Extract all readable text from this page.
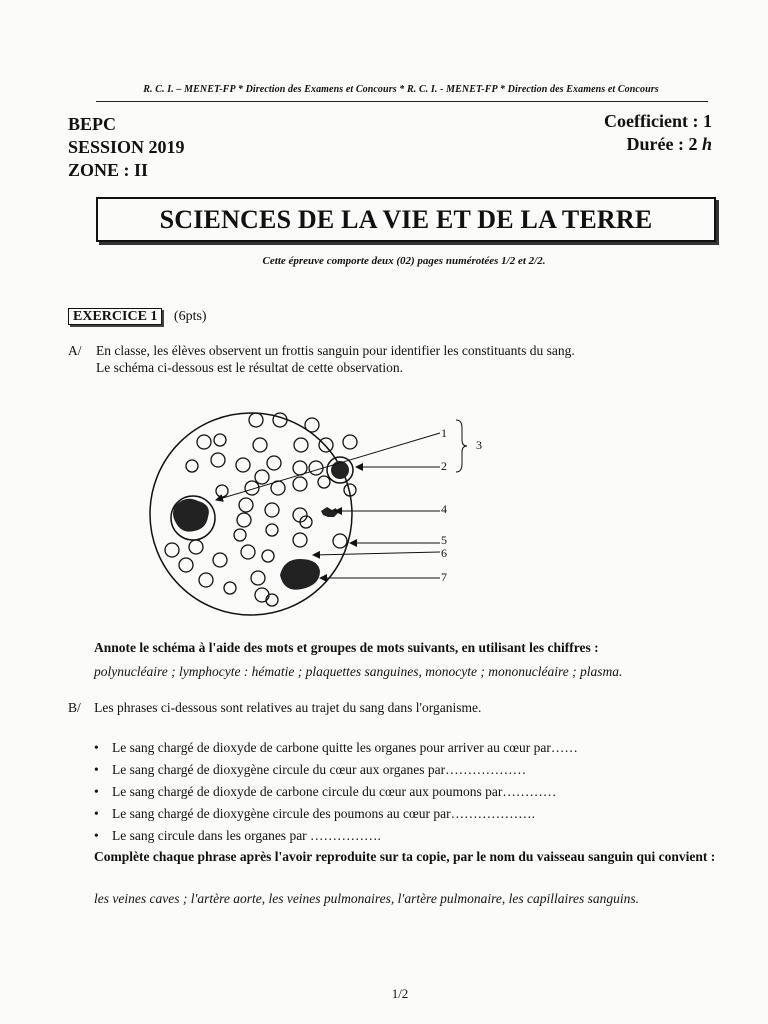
R. C. I. – MENET-FP * Direction des Examens et Concours * R. C. I. - MENET-FP * Direction des Examens et Concours
BEPC
SESSION 2019
ZONE : II
Coefficient : 1
Durée : 2 h
SCIENCES DE LA VIE ET DE LA TERRE
Cette épreuve comporte deux (02) pages numérotées 1/2 et 2/2.
EXERCICE 1 (6pts)
A/	En classe, les élèves observent un frottis sanguin pour identifier les constituants du sang.
Le schéma ci-dessous est le résultat de cette observation.
1
2
3
4
5
6
7
Annote le schéma à l'aide des mots et groupes de mots suivants, en utilisant les chiffres :
polynucléaire ; lymphocyte : hématie ; plaquettes sanguines, monocyte ; mononucléaire ; plasma.
B/ Les phrases ci-dessous sont relatives au trajet du sang dans l'organisme.
• Le sang chargé de dioxyde de carbone quitte les organes pour arriver au cœur par……
• Le sang chargé de dioxygène circule du cœur aux organes par………………
• Le sang chargé de dioxyde de carbone circule du cœur aux poumons par…………
• Le sang chargé de dioxygène circule des poumons au cœur par……………….
• Le sang circule dans les organes par …………….
Complète chaque phrase après l'avoir reproduite sur ta copie, par le nom du vaisseau sanguin qui convient :
les veines caves ; l'artère aorte, les veines pulmonaires, l'artère pulmonaire, les capillaires sanguins.
1/2
